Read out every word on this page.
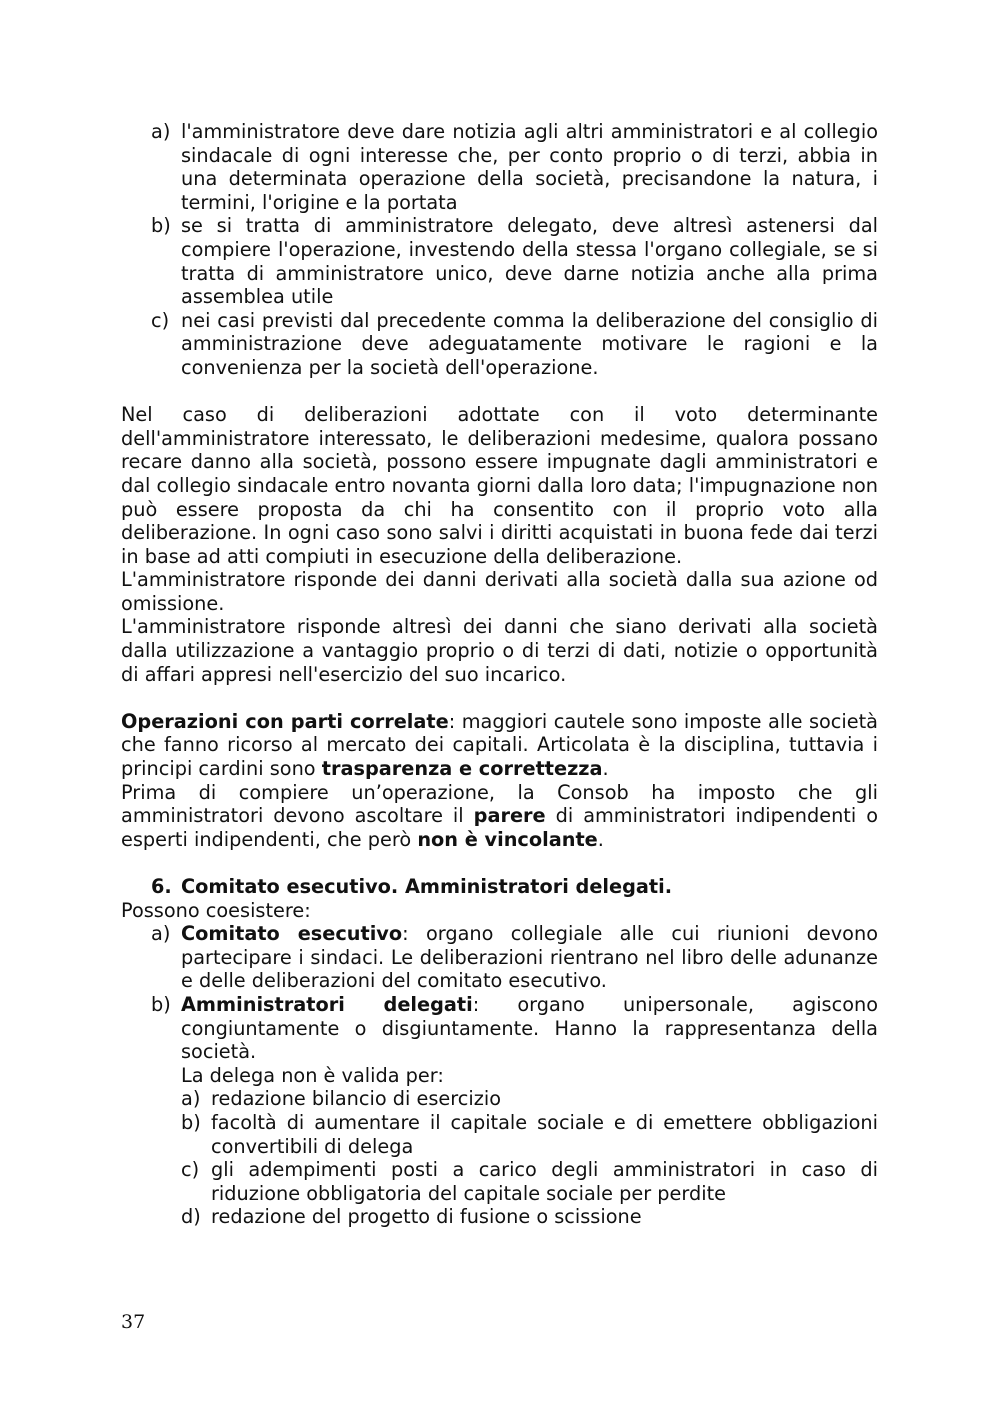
a) l'amministratore deve dare notizia agli altri amministratori e al collegio sindacale di ogni interesse che, per conto proprio o di terzi, abbia in una determinata operazione della società, precisandone la natura, i termini, l'origine e la portata
b) se si tratta di amministratore delegato, deve altresì astenersi dal compiere l'operazione, investendo della stessa l'organo collegiale, se si tratta di amministratore unico, deve darne notizia anche alla prima assemblea utile
c) nei casi previsti dal precedente comma la deliberazione del consiglio di amministrazione deve adeguatamente motivare le ragioni e la convenienza per la società dell'operazione.

Nel caso di deliberazioni adottate con il voto determinante dell'amministratore interessato, le deliberazioni medesime, qualora possano recare danno alla società, possono essere impugnate dagli amministratori e dal collegio sindacale entro novanta giorni dalla loro data; l'impugnazione non può essere proposta da chi ha consentito con il proprio voto alla deliberazione. In ogni caso sono salvi i diritti acquistati in buona fede dai terzi in base ad atti compiuti in esecuzione della deliberazione.

L'amministratore risponde dei danni derivati alla società dalla sua azione od omissione.

L'amministratore risponde altresì dei danni che siano derivati alla società dalla utilizzazione a vantaggio proprio o di terzi di dati, notizie o opportunità di affari appresi nell'esercizio del suo incarico.

Operazioni con parti correlate: maggiori cautele sono imposte alle società che fanno ricorso al mercato dei capitali. Articolata è la disciplina, tuttavia i principi cardini sono trasparenza e correttezza.

Prima di compiere un’operazione, la Consob ha imposto che gli amministratori devono ascoltare il parere di amministratori indipendenti o esperti indipendenti, che però non è vincolante.

6. Comitato esecutivo. Amministratori delegati.

Possono coesistere:

a) Comitato esecutivo: organo collegiale alle cui riunioni devono partecipare i sindaci. Le deliberazioni rientrano nel libro delle adunanze e delle deliberazioni del comitato esecutivo.
b) Amministratori delegati: organo unipersonale, agiscono congiuntamente o disgiuntamente. Hanno la rappresentanza della società.
La delega non è valida per:
a) redazione bilancio di esercizio
b) facoltà di aumentare il capitale sociale e di emettere obbligazioni convertibili di delega
c) gli adempimenti posti a carico degli amministratori in caso di riduzione obbligatoria del capitale sociale per perdite
d) redazione del progetto di fusione o scissione
37
